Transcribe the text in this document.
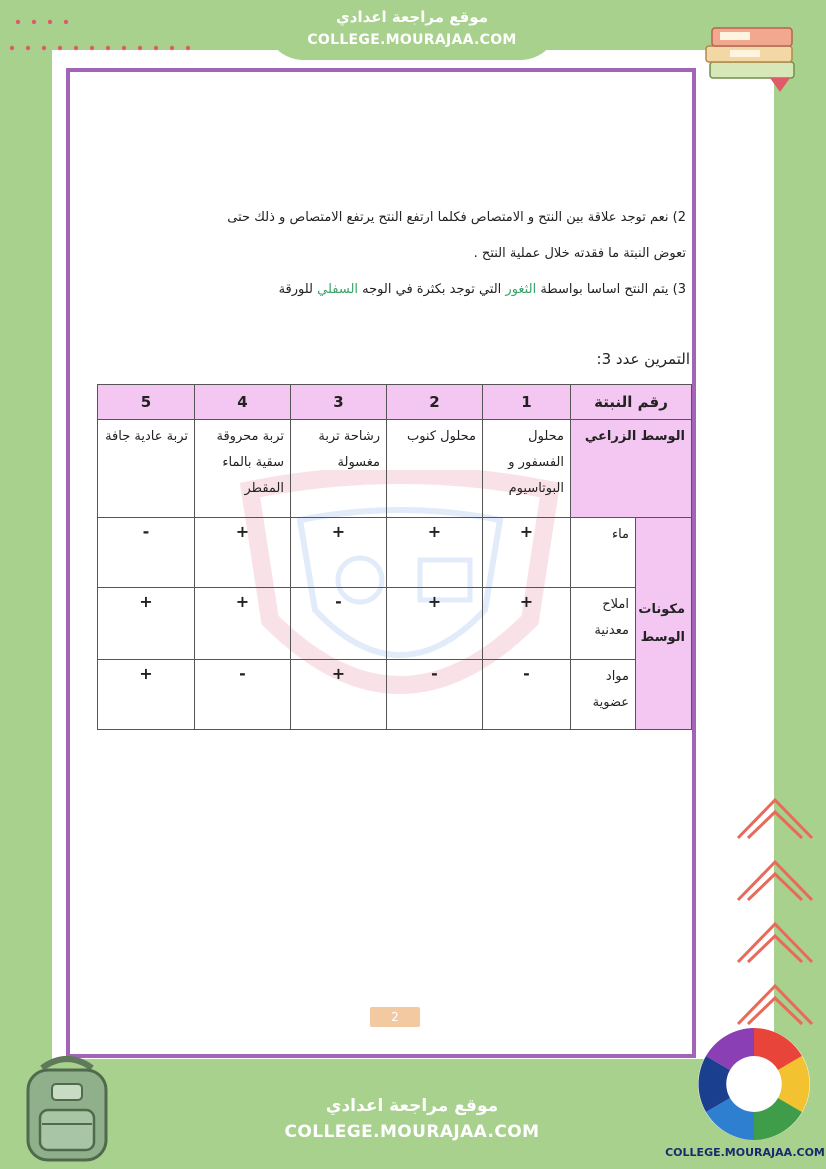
موقع مراجعة اعدادي
COLLEGE.MOURAJAA.COM
2) نعم توجد علاقة بين النتح و الامتصاص فكلما ارتفع النتح يرتفع الامتصاص و ذلك حتى
تعوض النبتة ما فقدته خلال عملية النتح .
3) يتم النتح اساسا بواسطة الثغور التي توجد بكثرة في الوجه السفلي للورقة
التمرين عدد 3:
رقم النبتة		1	2	3	4	5
الوسط الزراعي		محلول الفسفور و البوتاسيوم	محلول كنوب	رشاحة تربة مغسولة	تربة محروقة سقية بالماء المقطر	تربة عادية جافة
مكونات الوسط	ماء	+	+	+	+	-
	املاح معدنية	+	+	-	+	+
	مواد عضوية	-	-	+	-	+
2
موقع مراجعة اعدادي
COLLEGE.MOURAJAA.COM
COLLEGE.MOURAJAA.COM
